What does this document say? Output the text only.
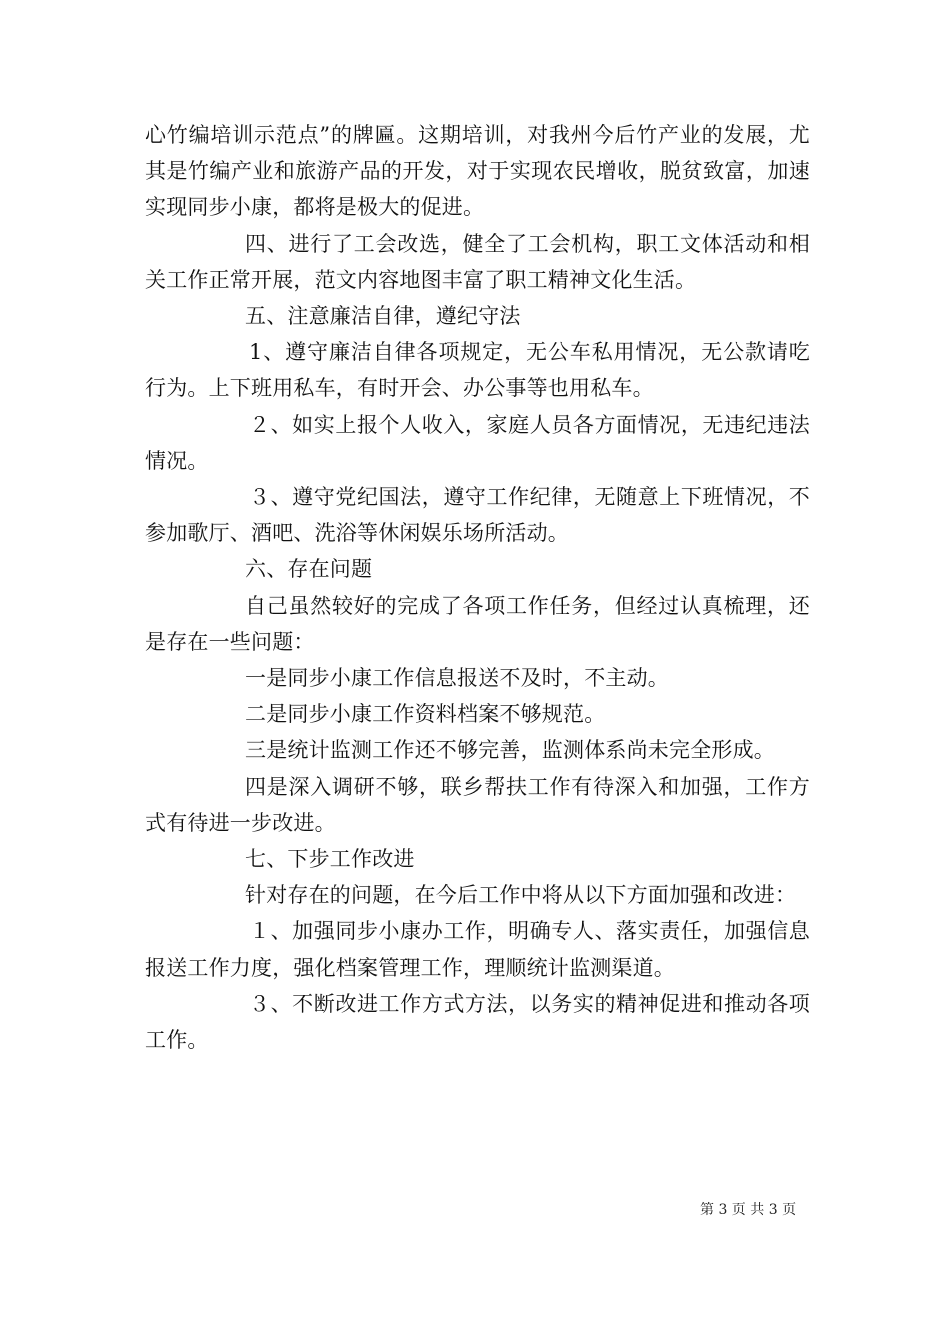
心竹编培训示范点”的牌匾。这期培训，对我州今后竹产业的发展，尤其是竹编产业和旅游产品的开发，对于实现农民增收，脱贫致富，加速实现同步小康，都将是极大的促进。

四、进行了工会改选，健全了工会机构，职工文体活动和相关工作正常开展，范文内容地图丰富了职工精神文化生活。

五、注意廉洁自律，遵纪守法

1、遵守廉洁自律各项规定，无公车私用情况，无公款请吃行为。上下班用私车，有时开会、办公事等也用私车。

２、如实上报个人收入，家庭人员各方面情况，无违纪违法情况。

３、遵守党纪国法，遵守工作纪律，无随意上下班情况，不参加歌厅、酒吧、洗浴等休闲娱乐场所活动。

六、存在问题

自己虽然较好的完成了各项工作任务，但经过认真梳理，还是存在一些问题：

一是同步小康工作信息报送不及时，不主动。

二是同步小康工作资料档案不够规范。

三是统计监测工作还不够完善，监测体系尚未完全形成。

四是深入调研不够，联乡帮扶工作有待深入和加强，工作方式有待进一步改进。

七、下步工作改进

针对存在的问题，在今后工作中将从以下方面加强和改进：

１、加强同步小康办工作，明确专人、落实责任，加强信息报送工作力度，强化档案管理工作，理顺统计监测渠道。

３、不断改进工作方式方法，以务实的精神促进和推动各项工作。

第 3 页 共 3 页
